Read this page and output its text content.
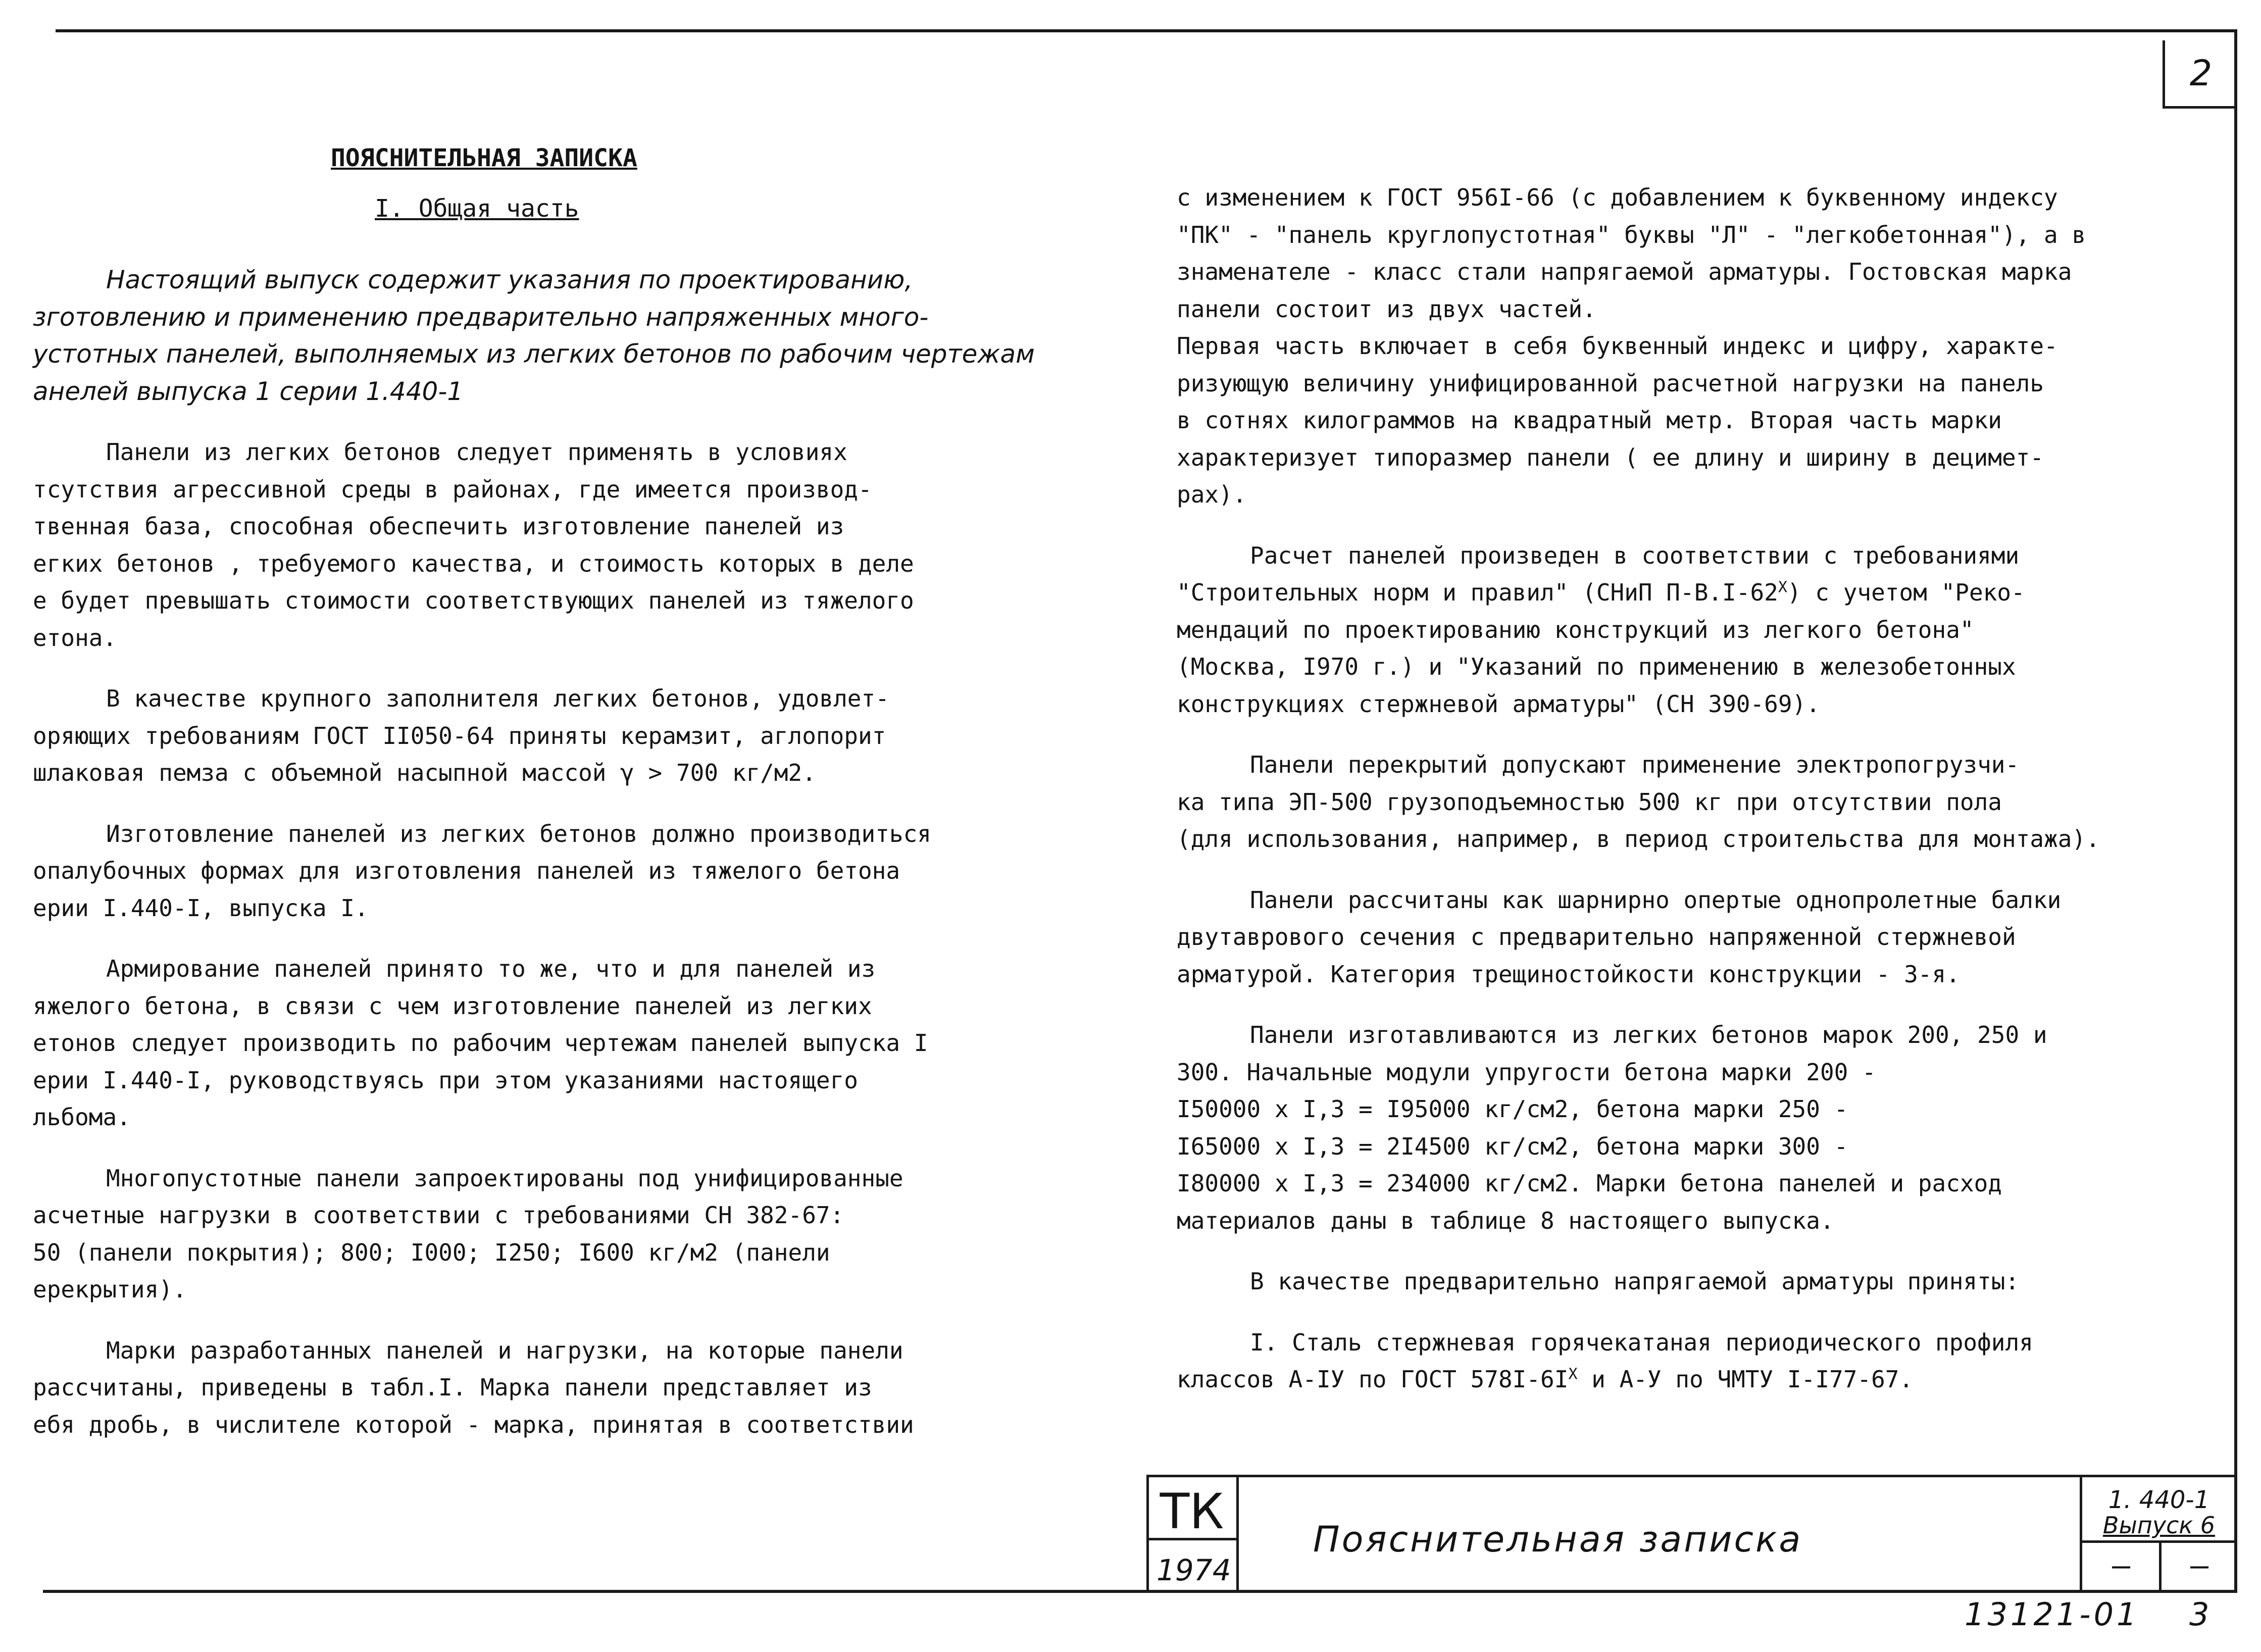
2
ПОЯСНИТЕЛЬНАЯ ЗАПИСКА
I. Общая часть

Настоящий выпуск содержит указания по проектированию,
зготовлению и применению предварительно напряженных много-
устотных панелей, выполняемых из легких бетонов по рабочим чертежам
анелей выпуска 1 серии 1.440-1

Панели из легких бетонов следует применять в условиях
тсутствия агрессивной среды в районах, где имеется производ-
твенная база, способная обеспечить изготовление панелей из
егких бетонов , требуемого качества, и стоимость которых в деле
е будет превышать стоимости соответствующих панелей из тяжелого
етона.

В качестве крупного заполнителя легких бетонов, удовлет-
оряющих требованиям ГОСТ II050-64 приняты керамзит, аглопорит
шлаковая пемза с объемной насыпной массой γ > 700 кг/м2.

Изготовление панелей из легких бетонов должно производиться
опалубочных формах для изготовления панелей из тяжелого бетона
ерии I.440-I, выпуска I.

Армирование панелей принято то же, что и для панелей из
яжелого бетона, в связи с чем изготовление панелей из легких
етонов следует производить по рабочим чертежам панелей выпуска I
ерии I.440-I, руководствуясь при этом указаниями настоящего
льбома.

Многопустотные панели запроектированы под унифицированные
асчетные нагрузки в соответствии с требованиями СН 382-67:
50 (панели покрытия); 800; I000; I250; I600 кг/м2 (панели
ерекрытия).

Марки разработанных панелей и нагрузки, на которые панели
рассчитаны, приведены в табл.I. Марка панели представляет из
ебя дробь, в числителе которой - марка, принятая в соответствии

с изменением к ГОСТ 956I-66 (с добавлением к буквенному индексу
"ПК" - "панель круглопустотная" буквы "Л" - "легкобетонная"), а в
знаменателе - класс стали напрягаемой арматуры. Гостовская марка
панели состоит из двух частей.
Первая часть включает в себя буквенный индекс и цифру, характе-
ризующую величину унифицированной расчетной нагрузки на панель
в сотнях килограммов на квадратный метр. Вторая часть марки
характеризует типоразмер панели ( ее длину и ширину в децимет-
рах).

Расчет панелей произведен в соответствии с требованиями
"Строительных норм и правил" (СНиП $П-В.I-62^X$) с учетом "Реко-
мендаций по проектированию конструкций из легкого бетона"
(Москва, I970 г.) и "Указаний по применению в железобетонных
конструкциях стержневой арматуры" (СН 390-69).

Панели перекрытий допускают применение электропогрузчи-
ка типа ЭП-500 грузоподъемностью 500 кг при отсутствии пола
(для использования, например, в период строительства для монтажа).

Панели рассчитаны как шарнирно опертые однопролетные балки
двутаврового сечения с предварительно напряженной стержневой
арматурой. Категория трещиностойкости конструкции - 3-я.

Панели изготавливаются из легких бетонов марок 200, 250 и
300. Начальные модули упругости бетона марки 200 -
I50000 x I,3 = I95000 кг/см2, бетона марки 250 -
I65000 x I,3 = 2I4500 кг/см2, бетона марки 300 -
I80000 x I,3 = 234000 кг/см2. Марки бетона панелей и расход
материалов даны в таблице 8 настоящего выпуска.

В качестве предварительно напрягаемой арматуры приняты:

I. Сталь стержневая горячекатаная периодического профиля
классов А-IУ по ГОСТ $578I-6I^X$ и А-У по ЧМТУ I-I77-67.

ТК
1974
Пояснительная записка
1. 440-1
Выпуск 6
—	—
13121-01 3
